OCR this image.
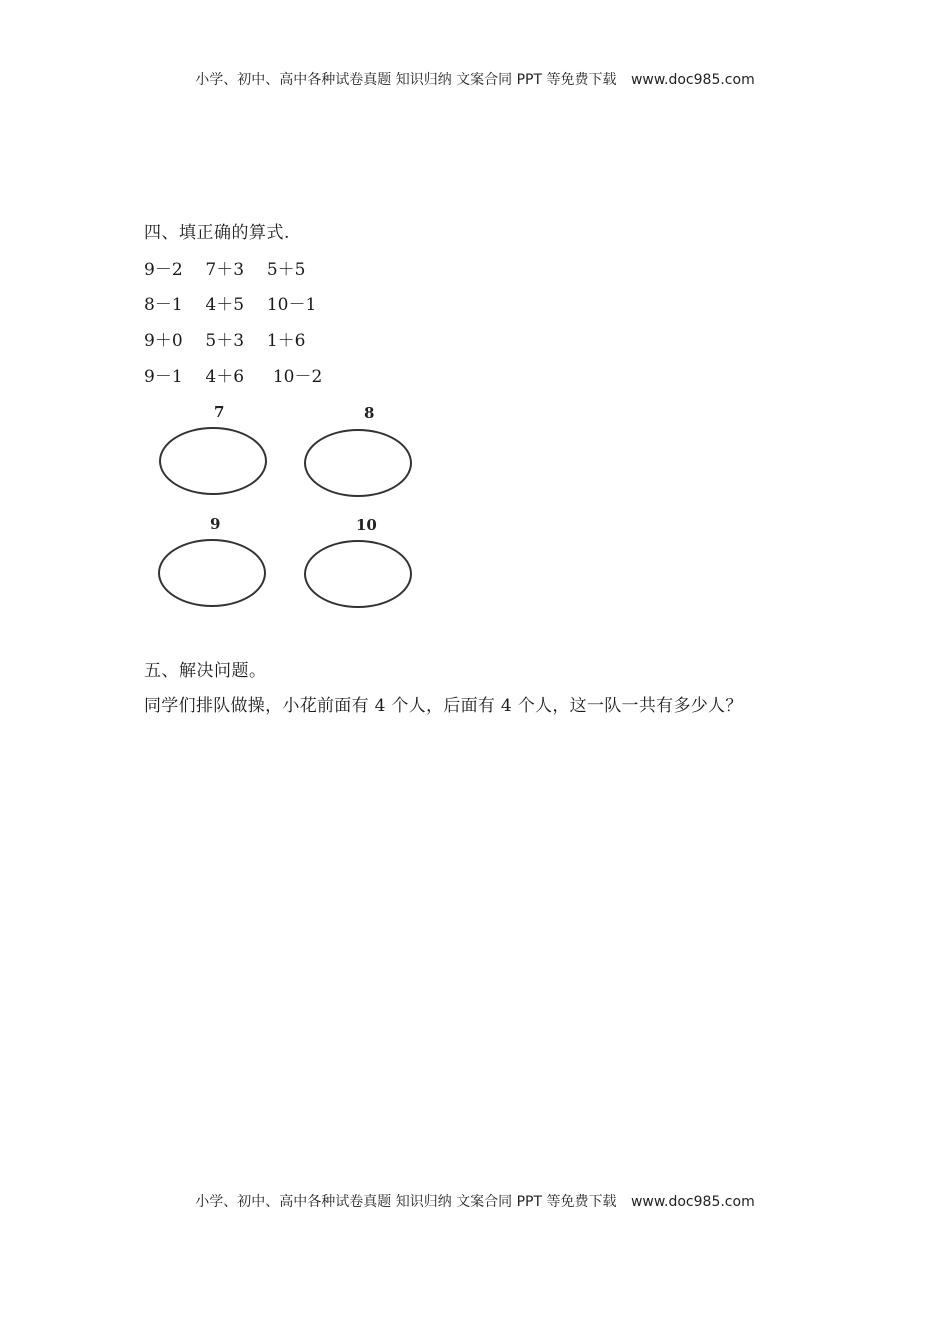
小学、初中、高中各种试卷真题 知识归纳 文案合同 PPT 等免费下载 www.doc985.com
四、填正确的算式.
9－2 7＋3 5＋5
8－1 4＋5 10－1
9＋0 5＋3 1＋6
9－1 4＋6 10－2
7	8
9	10
五、解决问题。
同学们排队做操，小花前面有 4 个人，后面有 4 个人，这一队一共有多少人？
小学、初中、高中各种试卷真题 知识归纳 文案合同 PPT 等免费下载 www.doc985.com
